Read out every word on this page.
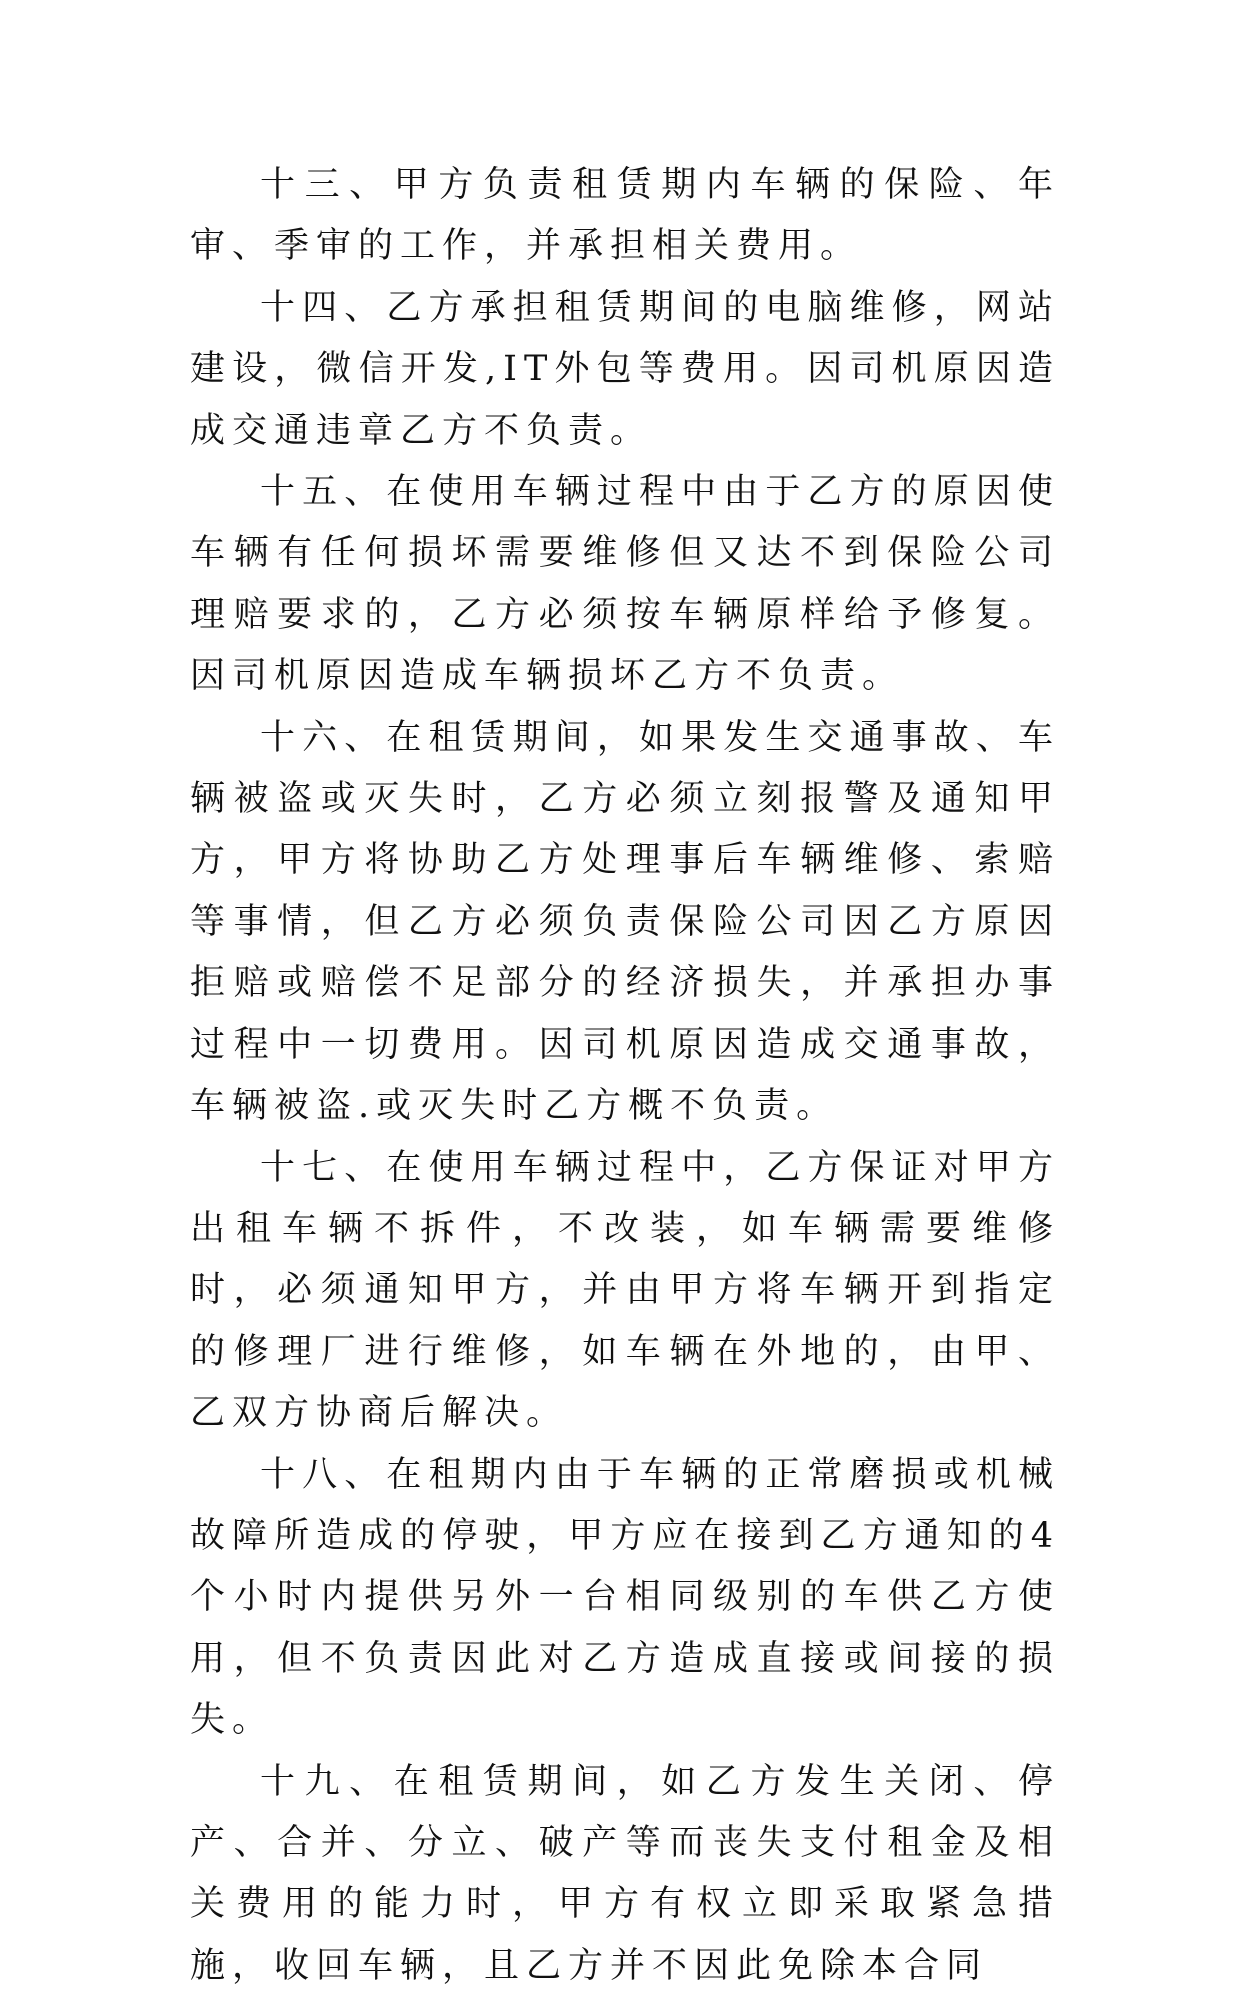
十三、甲方负责租赁期内车辆的保险、年审、季审的工作，并承担相关费用。

十四、乙方承担租赁期间的电脑维修，网站建设，微信开发,IT外包等费用。因司机原因造成交通违章乙方不负责。

十五、在使用车辆过程中由于乙方的原因使车辆有任何损坏需要维修但又达不到保险公司理赔要求的，乙方必须按车辆原样给予修复。因司机原因造成车辆损坏乙方不负责。

十六、在租赁期间，如果发生交通事故、车辆被盗或灭失时，乙方必须立刻报警及通知甲方，甲方将协助乙方处理事后车辆维修、索赔等事情，但乙方必须负责保险公司因乙方原因拒赔或赔偿不足部分的经济损失，并承担办事过程中一切费用。因司机原因造成交通事故，车辆被盗.或灭失时乙方概不负责。

十七、在使用车辆过程中，乙方保证对甲方出租车辆不拆件，不改装，如车辆需要维修时，必须通知甲方，并由甲方将车辆开到指定的修理厂进行维修，如车辆在外地的，由甲、乙双方协商后解决。

十八、在租期内由于车辆的正常磨损或机械故障所造成的停驶，甲方应在接到乙方通知的4个小时内提供另外一台相同级别的车供乙方使用，但不负责因此对乙方造成直接或间接的损失。

十九、在租赁期间，如乙方发生关闭、停产、合并、分立、破产等而丧失支付租金及相关费用的能力时，甲方有权立即采取紧急措施，收回车辆，且乙方并不因此免除本合同
